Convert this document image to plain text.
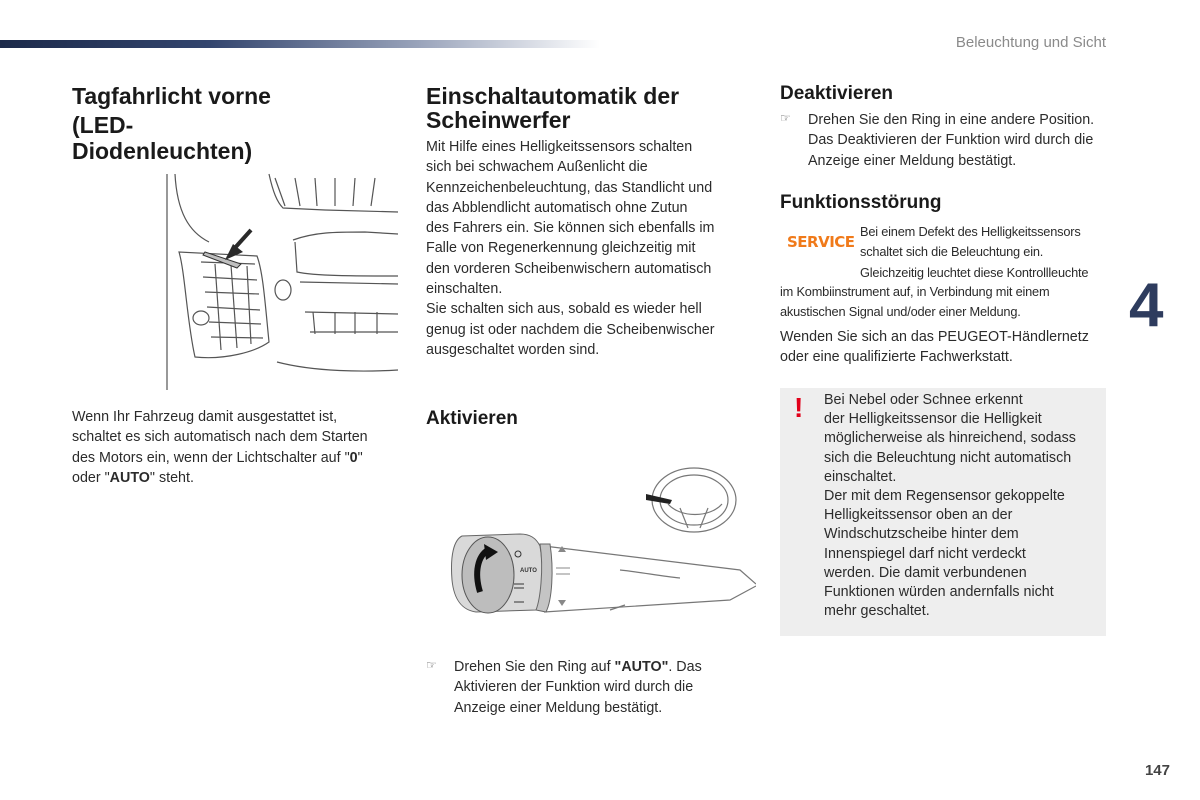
Beleuchtung und Sicht
Tagfahrlicht vorne
(LED-
Diodenleuchten)

Wenn Ihr Fahrzeug damit ausgestattet ist,
schaltet es sich automatisch nach dem Starten
des Motors ein, wenn der Lichtschalter auf "0"
oder "AUTO" steht.

Einschaltautomatik der
Scheinwerfer

Mit Hilfe eines Helligkeitssensors schalten
sich bei schwachem Außenlicht die
Kennzeichenbeleuchtung, das Standlicht und
das Abblendlicht automatisch ohne Zutun
des Fahrers ein. Sie können sich ebenfalls im
Falle von Regenerkennung gleichzeitig mit
den vorderen Scheibenwischern automatisch
einschalten.
Sie schalten sich aus, sobald es wieder hell
genug ist oder nachdem die Scheibenwischer
ausgeschaltet worden sind.

Aktivieren
AUTO
☞	Drehen Sie den Ring auf "AUTO". Das
Aktivieren der Funktion wird durch die
Anzeige einer Meldung bestätigt.

Deaktivieren
☞	Drehen Sie den Ring in eine andere Position.
Das Deaktivieren der Funktion wird durch die
Anzeige einer Meldung bestätigt.

Funktionsstörung
SERVICE

Bei einem Defekt des Helligkeitssensors
schaltet sich die Beleuchtung ein.
Gleichzeitig leuchtet diese Kontrollleuchte

im Kombiinstrument auf, in Verbindung mit einem
akustischen Signal und/oder einer Meldung.

Wenden Sie sich an das PEUGEOT-Händlernetz
oder eine qualifizierte Fachwerkstatt.

! Bei Nebel oder Schnee erkennt
der Helligkeitssensor die Helligkeit
möglicherweise als hinreichend, sodass
sich die Beleuchtung nicht automatisch
einschaltet.
Der mit dem Regensensor gekoppelte
Helligkeitssensor oben an der
Windschutzscheibe hinter dem
Innenspiegel darf nicht verdeckt
werden. Die damit verbundenen
Funktionen würden andernfalls nicht
mehr geschaltet.

4
147
